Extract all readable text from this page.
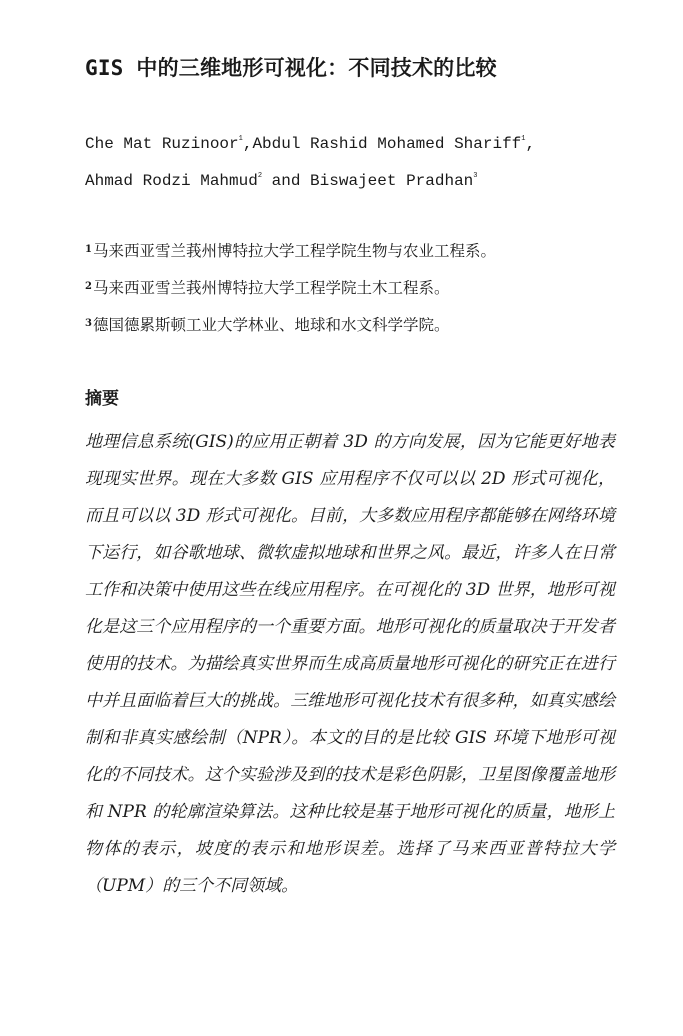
GIS 中的三维地形可视化：不同技术的比较
Che Mat Ruzinoor$^1$,Abdul Rashid Mohamed Shariff$^1$,
Ahmad Rodzi Mahmud$^2$ and Biswajeet Pradhan$^3$
$^1$马来西亚雪兰莪州博特拉大学工程学院生物与农业工程系。
$^2$马来西亚雪兰莪州博特拉大学工程学院土木工程系。
$^3$德国德累斯顿工业大学林业、地球和水文科学学院。
摘要

地理信息系统(GIS)的应用正朝着 3D 的方向发展，因为它能更好地表现现实世界。现在大多数 GIS 应用程序不仅可以以 2D 形式可视化，而且可以以 3D 形式可视化。目前，大多数应用程序都能够在网络环境下运行，如谷歌地球、微软虚拟地球和世界之风。最近，许多人在日常工作和决策中使用这些在线应用程序。在可视化的 3D 世界，地形可视化是这三个应用程序的一个重要方面。地形可视化的质量取决于开发者使用的技术。为描绘真实世界而生成高质量地形可视化的研究正在进行中并且面临着巨大的挑战。三维地形可视化技术有很多种，如真实感绘制和非真实感绘制（NPR）。本文的目的是比较 GIS 环境下地形可视化的不同技术。这个实验涉及到的技术是彩色阴影，卫星图像覆盖地形和 NPR 的轮廓渲染算法。这种比较是基于地形可视化的质量，地形上物体的表示，坡度的表示和地形误差。选择了马来西亚普特拉大学（UPM）的三个不同领域。
